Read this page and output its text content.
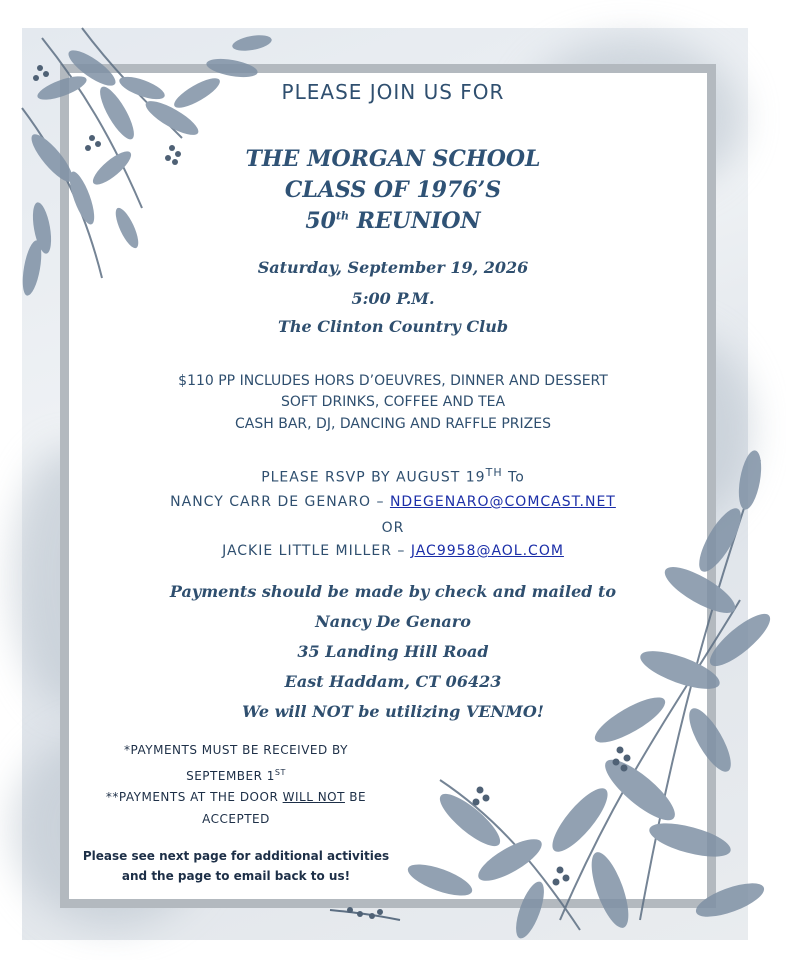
PLEASE JOIN US FOR
THE MORGAN SCHOOL
CLASS OF 1976’S
50th REUNION
Saturday, September 19, 2026
5:00 P.M.
The Clinton Country Club
$110 PP INCLUDES HORS D’OEUVRES, DINNER AND DESSERT
SOFT DRINKS, COFFEE AND TEA
CASH BAR, DJ, DANCING AND RAFFLE PRIZES
PLEASE RSVP BY AUGUST 19TH To
NANCY CARR DE GENARO – NDEGENARO@COMCAST.NET
OR
JACKIE LITTLE MILLER – JAC9958@AOL.COM
Payments should be made by check and mailed to
Nancy De Genaro
35 Landing Hill Road
East Haddam, CT 06423
We will NOT be utilizing VENMO!
*PAYMENTS MUST BE RECEIVED BY
SEPTEMBER 1ST
**PAYMENTS AT THE DOOR WILL NOT BE
ACCEPTED
Please see next page for additional activities
and the page to email back to us!
